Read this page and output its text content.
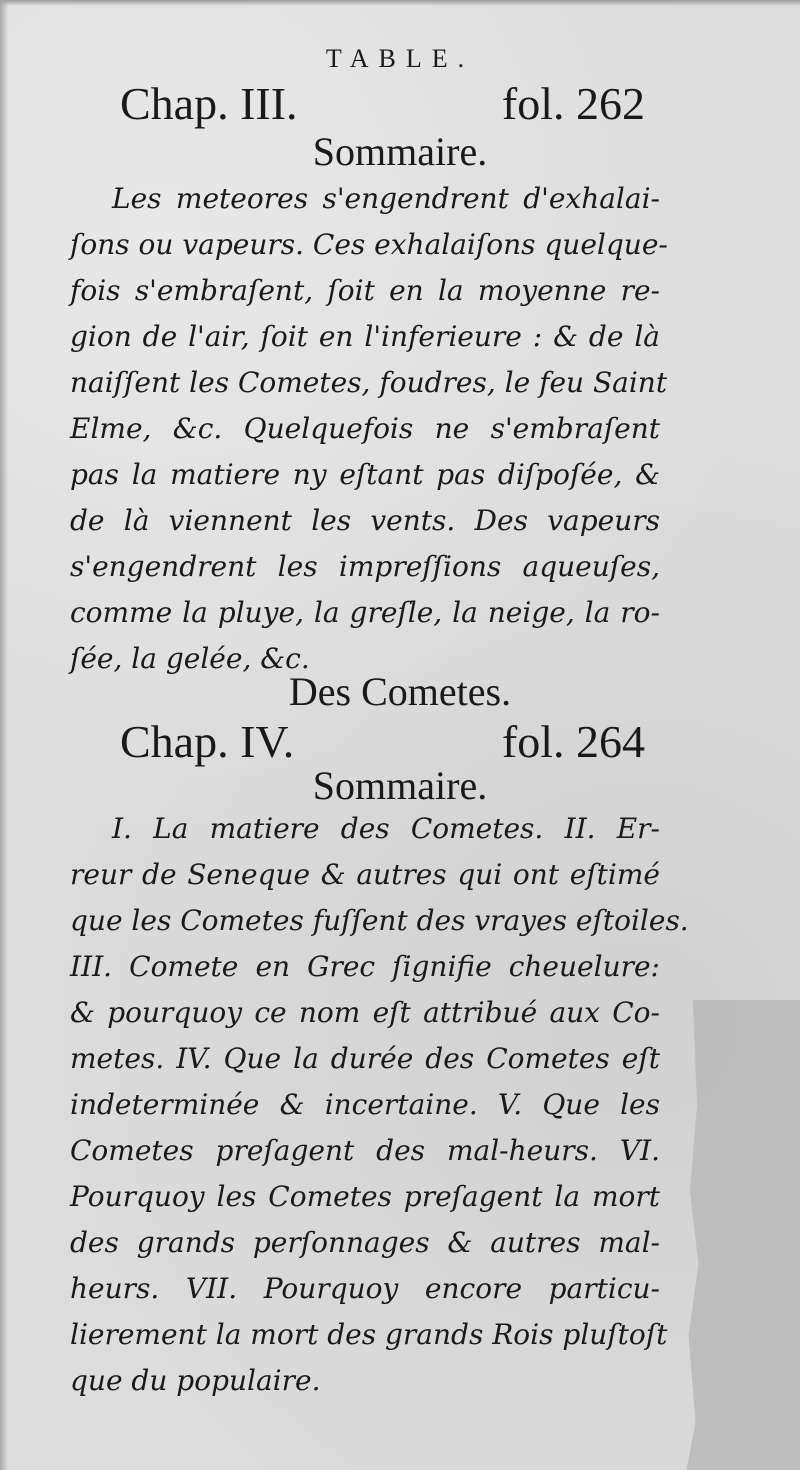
TABLE.
Chap. III.	fol. 262
Sommaire.
Les meteores s'engendrent d'exhalai-
ſons ou vapeurs. Ces exhalaiſons quelque-
fois s'embraſent, ſoit en la moyenne re-
gion de l'air, ſoit en l'inferieure : & de là
naiſſent les Cometes, foudres, le feu Saint
Elme, &c. Quelquefois ne s'embraſent
pas la matiere ny eſtant pas diſpoſée, &
de là viennent les vents. Des vapeurs
s'engendrent les impreſſions aqueuſes,
comme la pluye, la greſle, la neige, la ro-
ſée, la gelée, &c.
Des Cometes.
Chap. IV.	fol. 264
Sommaire.
I. La matiere des Cometes. II. Er-
reur de Seneque & autres qui ont eſtimé
que les Cometes fuſſent des vrayes eſtoiles.
III. Comete en Grec ſignifie cheuelure:
& pourquoy ce nom eſt attribué aux Co-
metes. IV. Que la durée des Cometes eſt
indeterminée & incertaine. V. Que les
Cometes preſagent des mal-heurs. VI.
Pourquoy les Cometes preſagent la mort
des grands perſonnages & autres mal-
heurs. VII. Pourquoy encore particu-
lierement la mort des grands Rois pluſtoſt
que du populaire.
